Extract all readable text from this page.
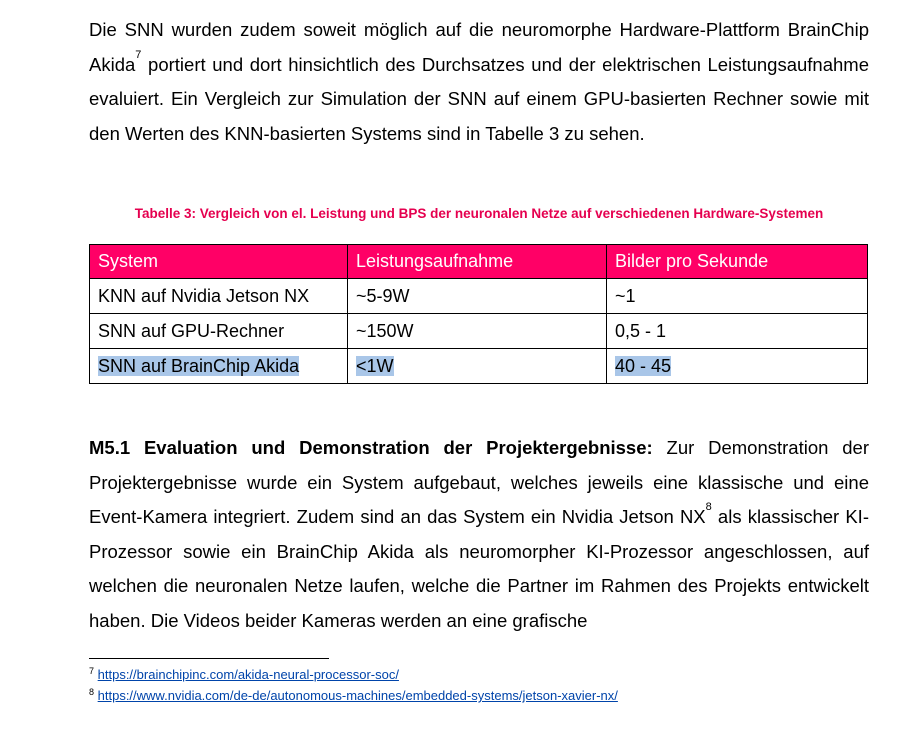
Die SNN wurden zudem soweit möglich auf die neuromorphe Hardware-Plattform BrainChip Akida$^7$ portiert und dort hinsichtlich des Durchsatzes und der elektrischen Leistungsaufnahme evaluiert. Ein Vergleich zur Simulation der SNN auf einem GPU-basierten Rechner sowie mit den Werten des KNN-basierten Systems sind in Tabelle 3 zu sehen.

Tabelle 3: Vergleich von el. Leistung und BPS der neuronalen Netze auf verschiedenen Hardware-Systemen

System	Leistungsaufnahme	Bilder pro Sekunde
KNN auf Nvidia Jetson NX	~5-9W	~1
SNN auf GPU-Rechner	~150W	0,5 - 1
SNN auf BrainChip Akida	<1W	40 - 45

M5.1 Evaluation und Demonstration der Projektergebnisse: Zur Demonstration der Projektergebnisse wurde ein System aufgebaut, welches jeweils eine klassische und eine Event-Kamera integriert. Zudem sind an das System ein Nvidia Jetson NX$^8$ als klassischer KI-Prozessor sowie ein BrainChip Akida als neuromorpher KI-Prozessor angeschlossen, auf welchen die neuronalen Netze laufen, welche die Partner im Rahmen des Projekts entwickelt haben. Die Videos beider Kameras werden an eine grafische

$^7$ https://brainchipinc.com/akida-neural-processor-soc/

$^8$ https://www.nvidia.com/de-de/autonomous-machines/embedded-systems/jetson-xavier-nx/
